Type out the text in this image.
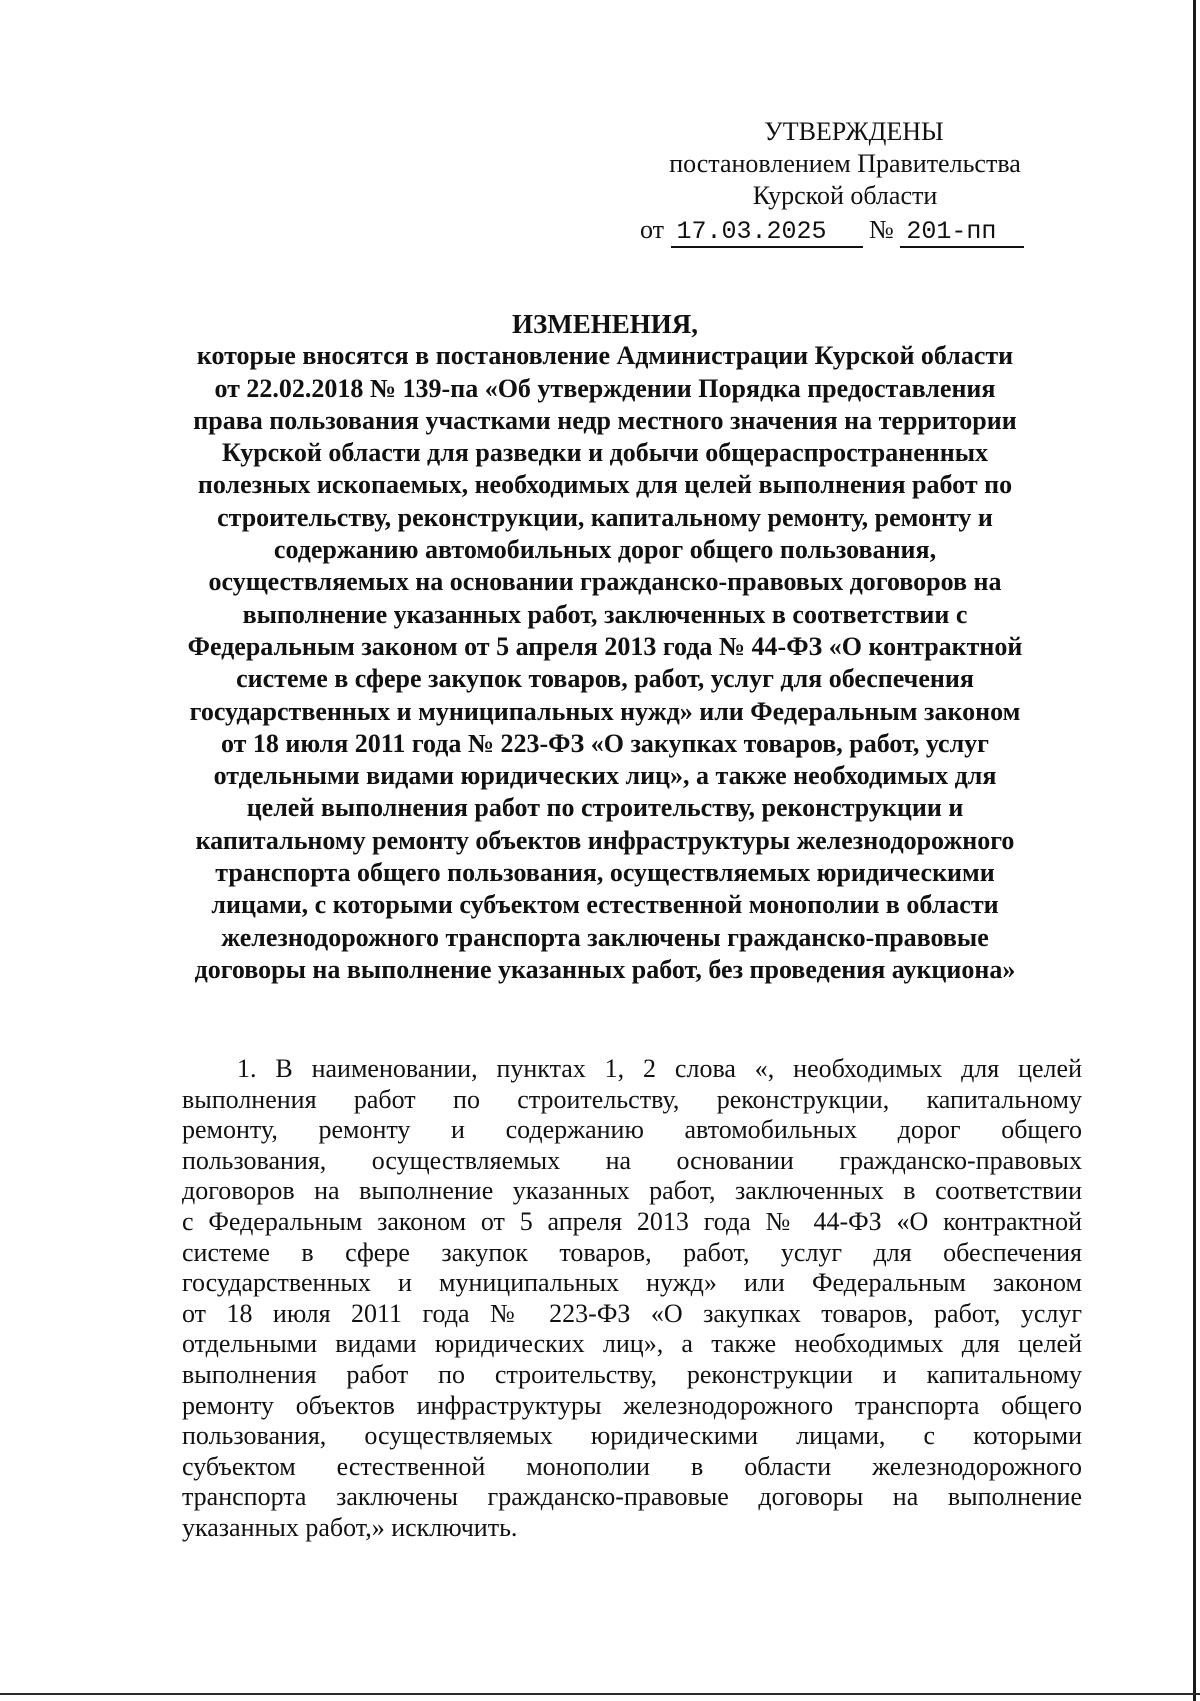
УТВЕРЖДЕНЫ
постановлением Правительства
Курской области
от 17.03.2025 № 201-пп
ИЗМЕНЕНИЯ,
которые вносятся в постановление Администрации Курской области
от 22.02.2018 № 139-па «Об утверждении Порядка предоставления
права пользования участками недр местного значения на территории
Курской области для разведки и добычи общераспространенных
полезных ископаемых, необходимых для целей выполнения работ по
строительству, реконструкции, капитальному ремонту, ремонту и
содержанию автомобильных дорог общего пользования,
осуществляемых на основании гражданско-правовых договоров на
выполнение указанных работ, заключенных в соответствии с
Федеральным законом от 5 апреля 2013 года № 44-ФЗ «О контрактной
системе в сфере закупок товаров, работ, услуг для обеспечения
государственных и муниципальных нужд» или Федеральным законом
от 18 июля 2011 года № 223-ФЗ «О закупках товаров, работ, услуг
отдельными видами юридических лиц», а также необходимых для
целей выполнения работ по строительству, реконструкции и
капитальному ремонту объектов инфраструктуры железнодорожного
транспорта общего пользования, осуществляемых юридическими
лицами, с которыми субъектом естественной монополии в области
железнодорожного транспорта заключены гражданско-правовые
договоры на выполнение указанных работ, без проведения аукциона»
1. В наименовании, пунктах 1, 2 слова «, необходимых для целей
выполнения работ по строительству, реконструкции, капитальному
ремонту, ремонту и содержанию автомобильных дорог общего
пользования, осуществляемых на основании гражданско-правовых
договоров на выполнение указанных работ, заключенных в соответствии
с Федеральным законом от 5 апреля 2013 года № 44-ФЗ «О контрактной
системе в сфере закупок товаров, работ, услуг для обеспечения
государственных и муниципальных нужд» или Федеральным законом
от 18 июля 2011 года № 223-ФЗ «О закупках товаров, работ, услуг
отдельными видами юридических лиц», а также необходимых для целей
выполнения работ по строительству, реконструкции и капитальному
ремонту объектов инфраструктуры железнодорожного транспорта общего
пользования, осуществляемых юридическими лицами, с которыми
субъектом естественной монополии в области железнодорожного
транспорта заключены гражданско-правовые договоры на выполнение
указанных работ,» исключить.
